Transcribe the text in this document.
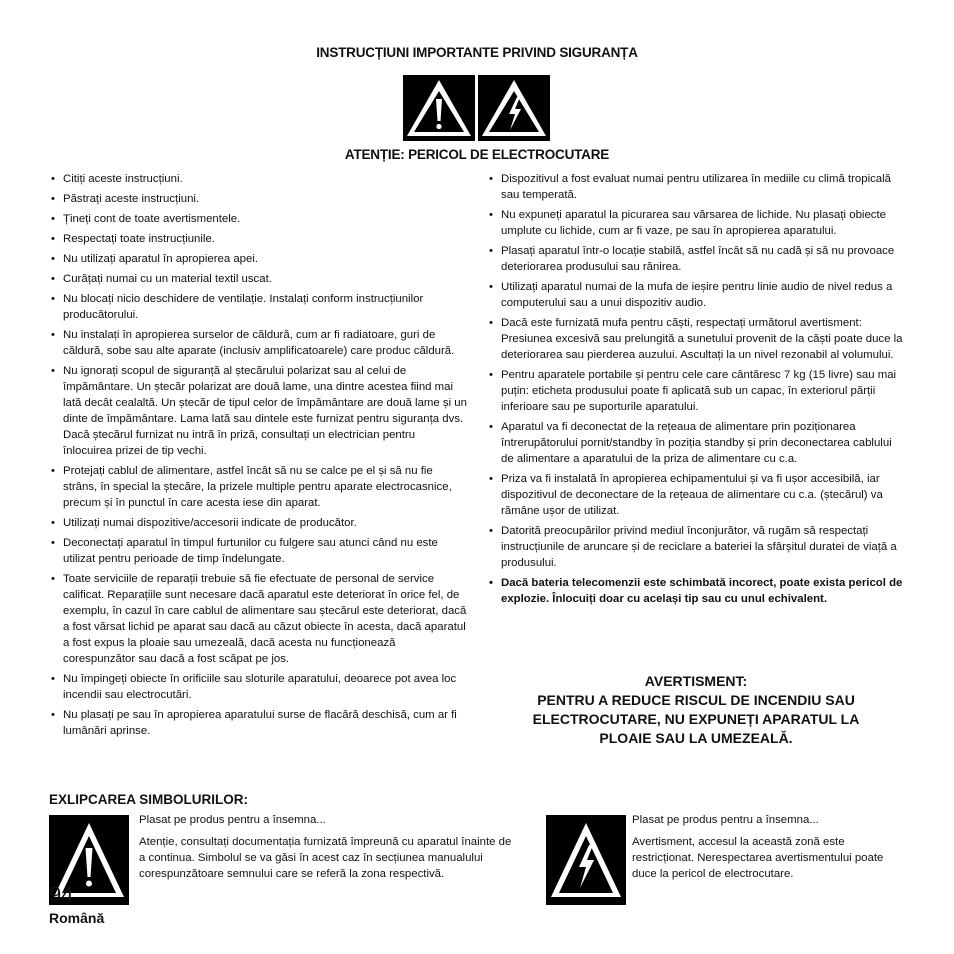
INSTRUCȚIUNI IMPORTANTE PRIVIND SIGURANȚA
ATENȚIE: PERICOL DE ELECTROCUTARE
• Citiți aceste instrucțiuni.
• Păstrați aceste instrucțiuni.
• Țineți cont de toate avertismentele.
• Respectați toate instrucțiunile.
• Nu utilizați aparatul în apropierea apei.
• Curățați numai cu un material textil uscat.
• Nu blocați nicio deschidere de ventilație. Instalați conform instrucțiunilor producătorului.
• Nu instalați în apropierea surselor de căldură, cum ar fi radiatoare, guri de căldură, sobe sau alte aparate (inclusiv amplificatoarele) care produc căldură.
• Nu ignorați scopul de siguranță al ștecărului polarizat sau al celui de împământare. Un ștecăr polarizat are două lame, una dintre acestea fiind mai lată decât cealaltă. Un ștecăr de tipul celor de împământare are două lame și un dinte de împământare. Lama lată sau dintele este furnizat pentru siguranța dvs. Dacă ștecărul furnizat nu intră în priză, consultați un electrician pentru înlocuirea prizei de tip vechi.
• Protejați cablul de alimentare, astfel încât să nu se calce pe el și să nu fie strâns, în special la ștecăre, la prizele multiple pentru aparate electrocasnice, precum și în punctul în care acesta iese din aparat.
• Utilizați numai dispozitive/accesorii indicate de producător.
• Deconectați aparatul în timpul furtunilor cu fulgere sau atunci când nu este utilizat pentru perioade de timp îndelungate.
• Toate serviciile de reparații trebuie să fie efectuate de personal de service calificat. Reparațiile sunt necesare dacă aparatul este deteriorat în orice fel, de exemplu, în cazul în care cablul de alimentare sau ștecărul este deteriorat, dacă a fost vărsat lichid pe aparat sau dacă au căzut obiecte în acesta, dacă aparatul a fost expus la ploaie sau umezeală, dacă acesta nu funcționează corespunzător sau dacă a fost scăpat pe jos.
• Nu împingeți obiecte în orificiile sau sloturile aparatului, deoarece pot avea loc incendii sau electrocutări.
• Nu plasați pe sau în apropierea aparatului surse de flacără deschisă, cum ar fi lumânări aprinse.
• Dispozitivul a fost evaluat numai pentru utilizarea în mediile cu climă tropicală sau temperată.
• Nu expuneți aparatul la picurarea sau vărsarea de lichide. Nu plasați obiecte umplute cu lichide, cum ar fi vaze, pe sau în apropierea aparatului.
• Plasați aparatul într-o locație stabilă, astfel încât să nu cadă și să nu provoace deteriorarea produsului sau rănirea.
• Utilizați aparatul numai de la mufa de ieșire pentru linie audio de nivel redus a computerului sau a unui dispozitiv audio.
• Dacă este furnizată mufa pentru căști, respectați următorul avertisment: Presiunea excesivă sau prelungită a sunetului provenit de la căști poate duce la deteriorarea sau pierderea auzului. Ascultați la un nivel rezonabil al volumului.
• Pentru aparatele portabile și pentru cele care cântăresc 7 kg (15 livre) sau mai puțin: eticheta produsului poate fi aplicată sub un capac, în exteriorul părții inferioare sau pe suporturile aparatului.
• Aparatul va fi deconectat de la rețeaua de alimentare prin poziționarea întrerupătorului pornit/standby în poziția standby și prin deconectarea cablului de alimentare a aparatului de la priza de alimentare cu c.a.
• Priza va fi instalată în apropierea echipamentului și va fi ușor accesibilă, iar dispozitivul de deconectare de la rețeaua de alimentare cu c.a. (ștecărul) va rămâne ușor de utilizat.
• Datorită preocupărilor privind mediul înconjurător, vă rugăm să respectați instrucțiunile de aruncare și de reciclare a bateriei la sfârșitul duratei de viață a produsului.
• Dacă bateria telecomenzii este schimbată incorect, poate exista pericol de explozie. Înlocuiți doar cu același tip sau cu unul echivalent.
AVERTISMENT:
PENTRU A REDUCE RISCUL DE INCENDIU SAU
ELECTROCUTARE, NU EXPUNEȚI APARATUL LA
PLOAIE SAU LA UMEZEALĂ.
EXLIPCAREA SIMBOLURILOR:

Plasat pe produs pentru a însemna...

Atenție, consultați documentația furnizată împreună cu aparatul înainte de a continua. Simbolul se va găsi în acest caz în secțiunea manualului corespunzătoare semnului care se referă la zona respectivă.

Plasat pe produs pentru a însemna...

Avertisment, accesul la această zonă este restricționat. Nerespectarea avertismentului poate duce la pericol de electrocutare.

94
Română
